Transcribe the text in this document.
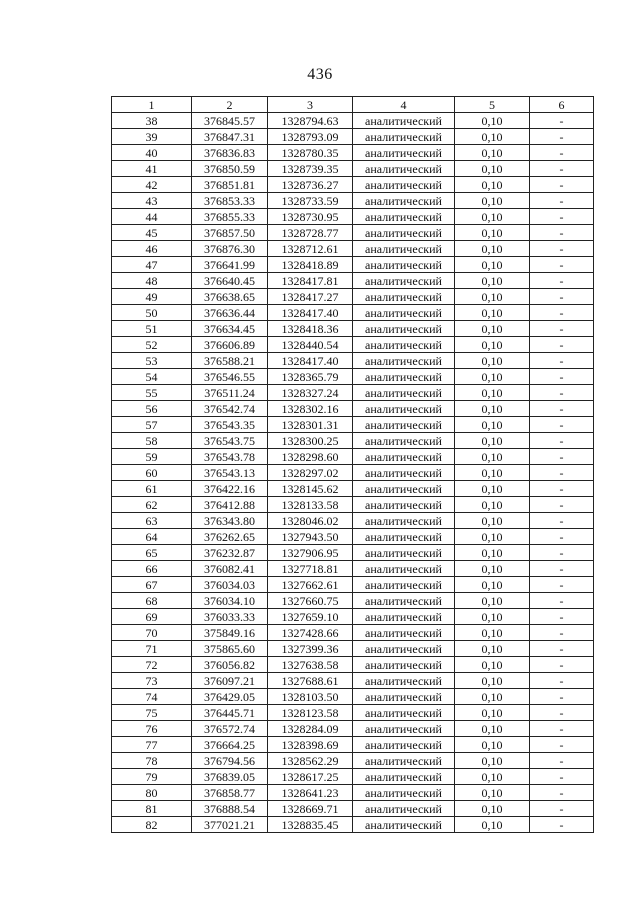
436
1	2	3	4	5	6
38	376845.57	1328794.63	аналитический	0,10	-
39	376847.31	1328793.09	аналитический	0,10	-
40	376836.83	1328780.35	аналитический	0,10	-
41	376850.59	1328739.35	аналитический	0,10	-
42	376851.81	1328736.27	аналитический	0,10	-
43	376853.33	1328733.59	аналитический	0,10	-
44	376855.33	1328730.95	аналитический	0,10	-
45	376857.50	1328728.77	аналитический	0,10	-
46	376876.30	1328712.61	аналитический	0,10	-
47	376641.99	1328418.89	аналитический	0,10	-
48	376640.45	1328417.81	аналитический	0,10	-
49	376638.65	1328417.27	аналитический	0,10	-
50	376636.44	1328417.40	аналитический	0,10	-
51	376634.45	1328418.36	аналитический	0,10	-
52	376606.89	1328440.54	аналитический	0,10	-
53	376588.21	1328417.40	аналитический	0,10	-
54	376546.55	1328365.79	аналитический	0,10	-
55	376511.24	1328327.24	аналитический	0,10	-
56	376542.74	1328302.16	аналитический	0,10	-
57	376543.35	1328301.31	аналитический	0,10	-
58	376543.75	1328300.25	аналитический	0,10	-
59	376543.78	1328298.60	аналитический	0,10	-
60	376543.13	1328297.02	аналитический	0,10	-
61	376422.16	1328145.62	аналитический	0,10	-
62	376412.88	1328133.58	аналитический	0,10	-
63	376343.80	1328046.02	аналитический	0,10	-
64	376262.65	1327943.50	аналитический	0,10	-
65	376232.87	1327906.95	аналитический	0,10	-
66	376082.41	1327718.81	аналитический	0,10	-
67	376034.03	1327662.61	аналитический	0,10	-
68	376034.10	1327660.75	аналитический	0,10	-
69	376033.33	1327659.10	аналитический	0,10	-
70	375849.16	1327428.66	аналитический	0,10	-
71	375865.60	1327399.36	аналитический	0,10	-
72	376056.82	1327638.58	аналитический	0,10	-
73	376097.21	1327688.61	аналитический	0,10	-
74	376429.05	1328103.50	аналитический	0,10	-
75	376445.71	1328123.58	аналитический	0,10	-
76	376572.74	1328284.09	аналитический	0,10	-
77	376664.25	1328398.69	аналитический	0,10	-
78	376794.56	1328562.29	аналитический	0,10	-
79	376839.05	1328617.25	аналитический	0,10	-
80	376858.77	1328641.23	аналитический	0,10	-
81	376888.54	1328669.71	аналитический	0,10	-
82	377021.21	1328835.45	аналитический	0,10	-
